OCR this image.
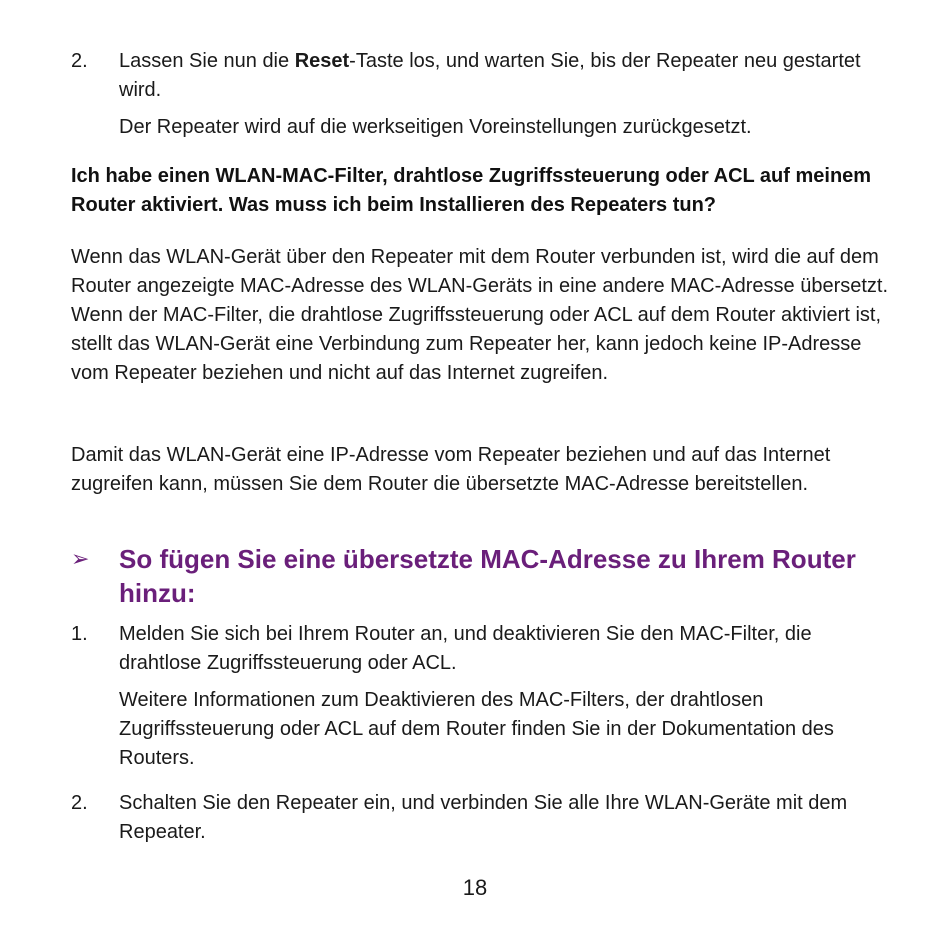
2.	Lassen Sie nun die Reset-Taste los, und warten Sie, bis der Repeater neu gestartet wird.
Der Repeater wird auf die werkseitigen Voreinstellungen zurückgesetzt.
Ich habe einen WLAN-MAC-Filter, drahtlose Zugriffssteuerung oder ACL auf meinem Router aktiviert. Was muss ich beim Installieren des Repeaters tun?
Wenn das WLAN-Gerät über den Repeater mit dem Router verbunden ist, wird die auf dem Router angezeigte MAC-Adresse des WLAN-Geräts in eine andere MAC-Adresse übersetzt. Wenn der MAC-Filter, die drahtlose Zugriffssteuerung oder ACL auf dem Router aktiviert ist, stellt das WLAN-Gerät eine Verbindung zum Repeater her, kann jedoch keine IP-Adresse vom Repeater beziehen und nicht auf das Internet zugreifen.
Damit das WLAN-Gerät eine IP-Adresse vom Repeater beziehen und auf das Internet zugreifen kann, müssen Sie dem Router die übersetzte MAC-Adresse bereitstellen.
➢ So fügen Sie eine übersetzte MAC-Adresse zu Ihrem Router hinzu:
1.	Melden Sie sich bei Ihrem Router an, und deaktivieren Sie den MAC-Filter, die drahtlose Zugriffssteuerung oder ACL.
Weitere Informationen zum Deaktivieren des MAC-Filters, der drahtlosen Zugriffssteuerung oder ACL auf dem Router finden Sie in der Dokumentation des Routers.
2.	Schalten Sie den Repeater ein, und verbinden Sie alle Ihre WLAN-Geräte mit dem Repeater.
18
